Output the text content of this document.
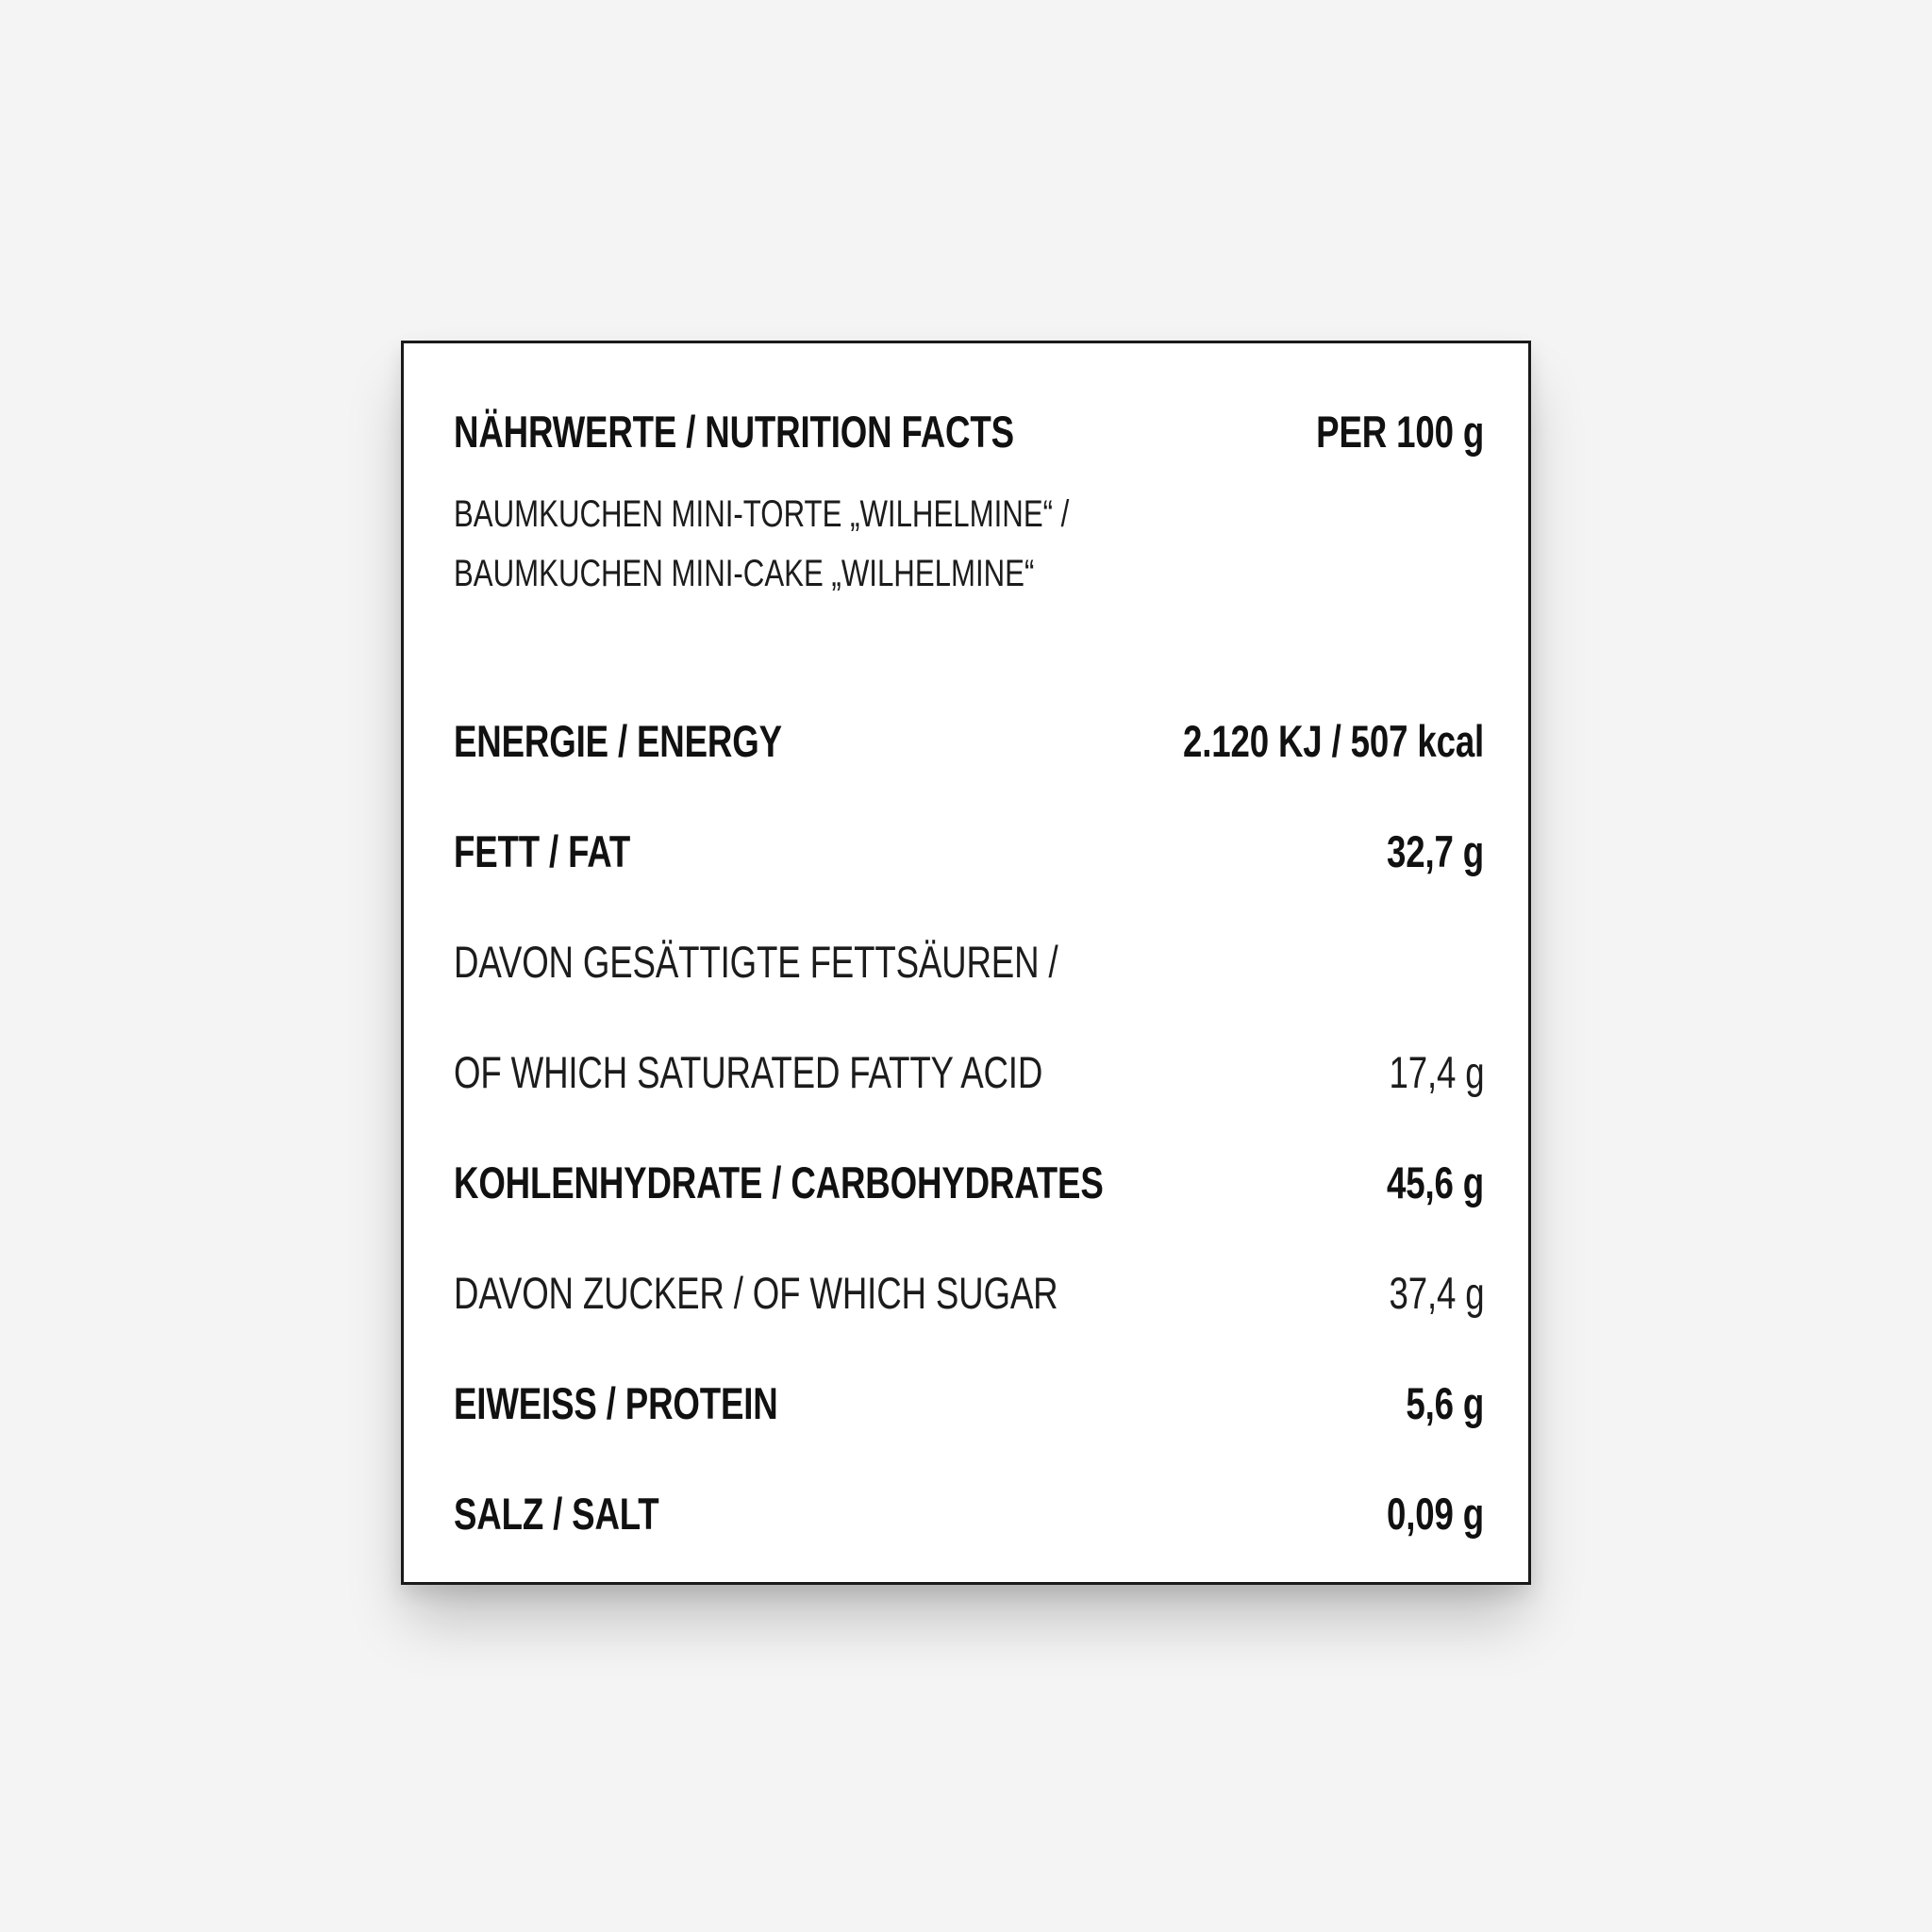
NÄHRWERTE / NUTRITION FACTS	PER 100 g
BAUMKUCHEN MINI-TORTE „WILHELMINE“ /
BAUMKUCHEN MINI-CAKE „WILHELMINE“
ENERGIE / ENERGY	2.120 KJ / 507 kcal
FETT / FAT	32,7 g
DAVON GESÄTTIGTE FETTSÄUREN /
OF WHICH SATURATED FATTY ACID	17,4 g
KOHLENHYDRATE / CARBOHYDRATES	45,6 g
DAVON ZUCKER / OF WHICH SUGAR	37,4 g
EIWEISS / PROTEIN	5,6 g
SALZ / SALT	0,09 g
